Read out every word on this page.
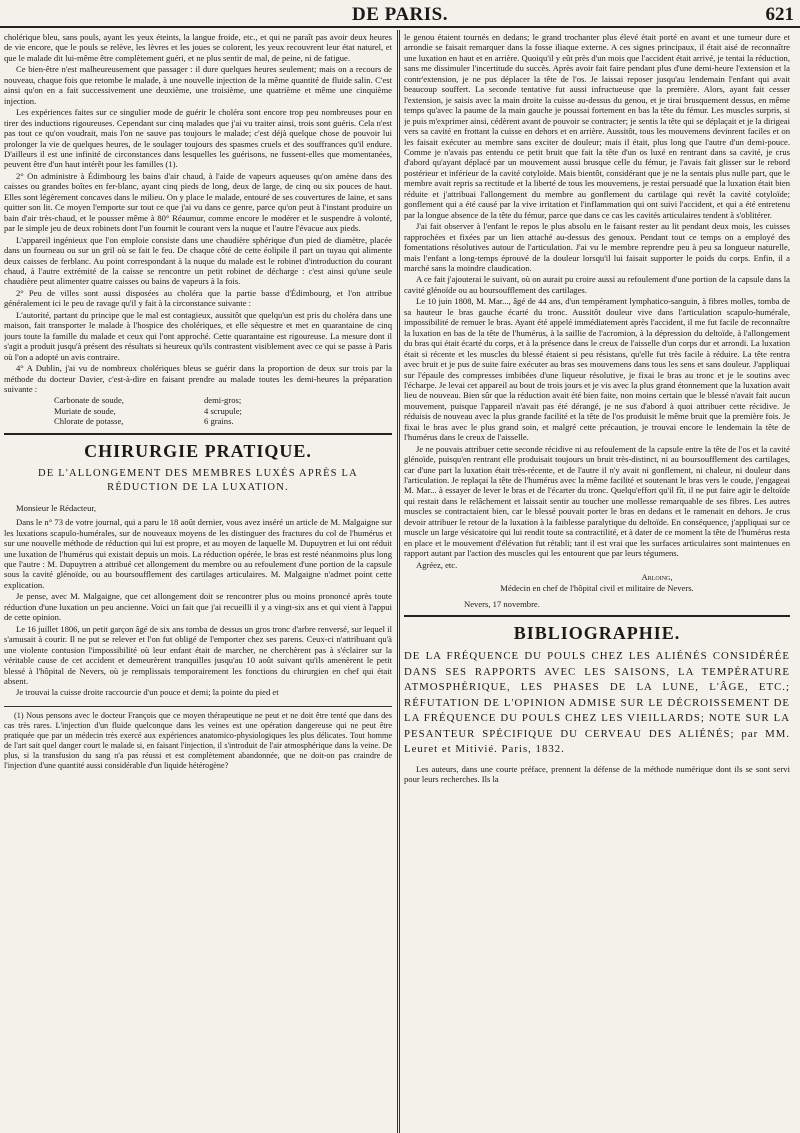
DE PARIS.	621

cholérique bleu, sans pouls, ayant les yeux éteints, la langue froide, etc., et qui ne paraît pas avoir deux heures de vie encore, que le pouls se relève, les lèvres et les joues se colorent, les yeux recouvrent leur état naturel, et que le malade dit lui-même être complètement guéri, et ne plus sentir de mal, de peine, ni de fatigue.

Ce bien-être n'est malheureusement que passager : il dure quelques heures seulement; mais on a recours de nouveau, chaque fois que retombe le malade, à une nouvelle injection de la même quantité de fluide salin. C'est ainsi qu'on en a fait successivement une deuxième, une troisième, une quatrième et même une cinquième injection.

Les expériences faites sur ce singulier mode de guérir le choléra sont encore trop peu nombreuses pour en tirer des inductions rigoureuses. Cependant sur cinq malades que j'ai vu traiter ainsi, trois sont guéris. Cela n'est pas tout ce qu'on voudrait, mais l'on ne sauve pas toujours le malade; c'est déjà quelque chose de pouvoir lui prolonger la vie de quelques heures, de le soulager toujours des spasmes cruels et des souffrances qu'il endure. D'ailleurs il est une infinité de circonstances dans lesquelles les guérisons, ne fussent-elles que momentanées, peuvent être d'un haut intérêt pour les familles (1).

2° On administre à Édimbourg les bains d'air chaud, à l'aide de vapeurs aqueuses qu'on amène dans des caisses ou grandes boîtes en fer-blanc, ayant cinq pieds de long, deux de large, de cinq ou six pouces de haut. Elles sont légèrement concaves dans le milieu. On y place le malade, entouré de ses couvertures de laine, et sans quitter son lit. Ce moyen l'emporte sur tout ce que j'ai vu dans ce genre, parce qu'on peut à l'instant produire un bain d'air très-chaud, et le pousser même à 80° Réaumur, comme encore le modérer et le suspendre à volonté, par le simple jeu de deux robinets dont l'un fournit le courant vers la nuque et l'autre l'évacue aux pieds.

L'appareil ingénieux que l'on emploie consiste dans une chaudière sphérique d'un pied de diamètre, placée dans un fourneau ou sur un gril où se fait le feu. De chaque côté de cette éolipile il part un tuyau qui alimente deux caisses de ferblanc. Au point correspondant à la nuque du malade est le robinet d'introduction du courant chaud, à l'autre extrémité de la caisse se rencontre un petit robinet de décharge : c'est ainsi qu'une seule chaudière peut alimenter quatre caisses ou bains de vapeurs à la fois.

2° Peu de villes sont aussi disposées au choléra que la partie basse d'Édimbourg, et l'on attribue généralement ici le peu de ravage qu'il y fait à la circonstance suivante :

L'autorité, partant du principe que le mal est contagieux, aussitôt que quelqu'un est pris du choléra dans une maison, fait transporter le malade à l'hospice des cholériques, et elle séquestre et met en quarantaine de cinq jours toute la famille du malade et ceux qui l'ont approché. Cette quarantaine est rigoureuse. La mesure dont il s'agit a produit jusqu'à présent des résultats si heureux qu'ils contrastent visiblement avec ce qui se passe à Paris où l'on a adopté un avis contraire.

4° A Dublin, j'ai vu de nombreux cholériques bleus se guérir dans la proportion de deux sur trois par la méthode du docteur Davier, c'est-à-dire en faisant prendre au malade toutes les demi-heures la préparation suivante :

Carbonate de soude,	demi-gros;
Muriate de soude,	4 scrupule;
Chlorate de potasse,	6 grains.
CHIRURGIE PRATIQUE.
DE L'ALLONGEMENT DES MEMBRES LUXÉS APRÈS LA RÉDUCTION DE LA LUXATION.

Monsieur le Rédacteur,

Dans le n° 73 de votre journal, qui a paru le 18 août dernier, vous avez inséré un article de M. Malgaigne sur les luxations scapulo-humérales, sur de nouveaux moyens de les distinguer des fractures du col de l'humérus et sur une nouvelle méthode de réduction qui lui est propre, et au moyen de laquelle M. Dupuytren et lui ont réduit une luxation de l'humérus qui existait depuis un mois. La réduction opérée, le bras est resté néanmoins plus long que l'autre : M. Dupuytren a attribué cet allongement du membre ou au refoulement d'une portion de la capsule sous la cavité glénoïde, ou au boursoufflement des cartilages articulaires. M. Malgaigne n'admet point cette explication.

Je pense, avec M. Malgaigne, que cet allongement doit se rencontrer plus ou moins prononcé après toute réduction d'une luxation un peu ancienne. Voici un fait que j'ai recueilli il y a vingt-six ans et qui vient à l'appui de cette opinion.

Le 16 juillet 1806, un petit garçon âgé de six ans tomba de dessus un gros tronc d'arbre renversé, sur lequel il s'amusait à courir. Il ne put se relever et l'on fut obligé de l'emporter chez ses parens. Ceux-ci n'attribuant qu'à une violente contusion l'impossibilité où leur enfant était de marcher, ne cherchèrent pas à s'éclairer sur la véritable cause de cet accident et demeurèrent tranquilles jusqu'au 10 août suivant qu'ils amenèrent le petit blessé à l'hôpital de Nevers, où je remplissais temporairement les fonctions du chirurgien en chef qui était absent.

Je trouvai la cuisse droite raccourcie d'un pouce et demi; la pointe du pied et

(1) Nous pensons avec le docteur François que ce moyen thérapeutique ne peut et ne doit être tenté que dans des cas très rares. L'injection d'un fluide quelconque dans les veines est une opération dangereuse qui ne peut être pratiquée que par un médecin très exercé aux expériences anatomico-physiologiques les plus délicates. Tout homme de l'art sait quel danger court le malade si, en faisant l'injection, il s'introduit de l'air atmosphérique dans la veine. De plus, si la transfusion du sang n'a pas réussi et est complètement abandonnée, que ne doit-on pas craindre de l'injection d'une quantité aussi considérable d'un liquide hétérogène?

le genou étaient tournés en dedans; le grand trochanter plus élevé était porté en avant et une tumeur dure et arrondie se faisait remarquer dans la fosse iliaque externe. A ces signes principaux, il était aisé de reconnaître une luxation en haut et en arrière. Quoiqu'il y eût près d'un mois que l'accident était arrivé, je tentai la réduction, sans me dissimuler l'incertitude du succès. Après avoir fait faire pendant plus d'une demi-heure l'extension et la contr'extension, je ne pus déplacer la tête de l'os. Je laissai reposer jusqu'au lendemain l'enfant qui avait beaucoup souffert. La seconde tentative fut aussi infructueuse que la première. Alors, ayant fait cesser l'extension, je saisis avec la main droite la cuisse au-dessus du genou, et je tirai brusquement dessus, en même temps qu'avec la paume de la main gauche je poussai fortement en bas la tête du fémur. Les muscles surpris, si je puis m'exprimer ainsi, cédèrent avant de pouvoir se contracter; je sentis la tête qui se déplaçait et je la dirigeai vers sa cavité en frottant la cuisse en dehors et en arrière. Aussitôt, tous les mouvemens devinrent faciles et on les faisait exécuter au membre sans exciter de douleur; mais il était, plus long que l'autre d'un demi-pouce. Comme je n'avais pas entendu ce petit bruit que fait la tête d'un os luxé en rentrant dans sa cavité, je crus d'abord qu'ayant déplacé par un mouvement aussi brusque celle du fémur, je l'avais fait glisser sur le rebord postérieur et inférieur de la cavité cotyloïde. Mais bientôt, considérant que je ne la sentais plus nulle part, que le membre avait repris sa rectitude et la liberté de tous les mouvemens, je restai persuadé que la luxation était bien réduite et j'attribuai l'allongement du membre au gonflement du cartilage qui revêt la cavité cotyloïde; gonflement qui a été causé par la vive irritation et l'inflammation qui ont suivi l'accident, et qui a été entretenu par la longue absence de la tête du fémur, parce que dans ce cas les cavités articulaires tendent à s'oblitérer.

J'ai fait observer à l'enfant le repos le plus absolu en le faisant rester au lit pendant deux mois, les cuisses rapprochées et fixées par un lien attaché au-dessus des genoux. Pendant tout ce temps on a employé des fomentations résolutives autour de l'articulation. J'ai vu le membre reprendre peu à peu sa longueur naturelle, mais l'enfant a long-temps éprouvé de la douleur lorsqu'il lui faisait supporter le poids du corps. Enfin, il a marché sans la moindre claudication.

A ce fait j'ajouterai le suivant, où on aurait pu croire aussi au refoulement d'une portion de la capsule dans la cavité glénoïde ou au boursoufflement des cartilages.

Le 10 juin 1808, M. Mar..., âgé de 44 ans, d'un tempérament lymphatico-sanguin, à fibres molles, tomba de sa hauteur le bras gauche écarté du tronc. Aussitôt douleur vive dans l'articulation scapulo-humérale, impossibilité de remuer le bras. Ayant été appelé immédiatement après l'accident, il me fut facile de reconnaître la luxation en bas de la tête de l'humérus, à la saillie de l'acromion, à la dépression du deltoïde, à l'allongement du bras qui était écarté du corps, et à la présence dans le creux de l'aisselle d'un corps dur et arrondi. La luxation était si récente et les muscles du blessé étaient si peu résistans, qu'elle fut très facile à réduire. La tête rentra avec bruit et je pus de suite faire exécuter au bras ses mouvemens dans tous les sens et sans douleur. J'appliquai sur l'épaule des compresses imbibées d'une liqueur résolutive, je fixai le bras au tronc et je le soutins avec l'écharpe. Je levai cet appareil au bout de trois jours et je vis avec la plus grand étonnement que la luxation avait lieu de nouveau. Bien sûr que la réduction avait été bien faite, non moins certain que le blessé n'avait fait aucun mouvement, puisque l'appareil n'avait pas été dérangé, je ne sus d'abord à quoi attribuer cette récidive. Je réduisis de nouveau avec la plus grande facilité et la tête de l'os produisit le même bruit que la première fois. Je fixai le bras avec le plus grand soin, et malgré cette précaution, je trouvai encore le lendemain la tête de l'humérus dans le creux de l'aisselle.

Je ne pouvais attribuer cette seconde récidive ni au refoulement de la capsule entre la tête de l'os et la cavité glénoïde, puisqu'en rentrant elle produisait toujours un bruit très-distinct, ni au boursoufflement des cartilages, car d'une part la luxation était très-récente, et de l'autre il n'y avait ni gonflement, ni chaleur, ni douleur dans l'articulation. Je replaçai la tête de l'humérus avec la même facilité et soutenant le bras vers le coude, j'engageai M. Mar... à essayer de lever le bras et de l'écarter du tronc. Quelqu'effort qu'il fît, il ne put faire agir le deltoïde qui restait dans le relâchement et laissait sentir au toucher une mollesse remarquable de ses fibres. Les autres muscles se contractaient bien, car le blessé pouvait porter le bras en dedans et le ramenait en dehors. Je crus devoir attribuer le retour de la luxation à la faiblesse paralytique du deltoïde. En conséquence, j'appliquai sur ce muscle un large vésicatoire qui lui rendit toute sa contractilité, et à dater de ce moment la tête de l'humérus resta en place et le mouvement d'élévation fut rétabli; tant il est vrai que les surfaces articulaires sont maintenues en rapport autant par l'action des muscles qui les entourent que par leurs tégumens.

Agréez, etc.

Arloing,
Médecin en chef de l'hôpital civil et militaire de Nevers.
Nevers, 17 novembre.
BIBLIOGRAPHIE.
DE LA FRÉQUENCE DU POULS CHEZ LES ALIÉNÉS CONSIDÉRÉE DANS SES RAPPORTS AVEC LES SAISONS, LA TEMPÉRATURE ATMOSPHÉRIQUE, LES PHASES DE LA LUNE, L'ÂGE, ETC.; RÉFUTATION DE L'OPINION ADMISE SUR LE DÉCROISSEMENT DE LA FRÉQUENCE DU POULS CHEZ LES VIEILLARDS; NOTE SUR LA PESANTEUR SPÉCIFIQUE DU CERVEAU DES ALIÉNÉS; par MM. Leuret et Mitivié. Paris, 1832.

Les auteurs, dans une courte préface, prennent la défense de la méthode numérique dont ils se sont servi pour leurs recherches. Ils la
